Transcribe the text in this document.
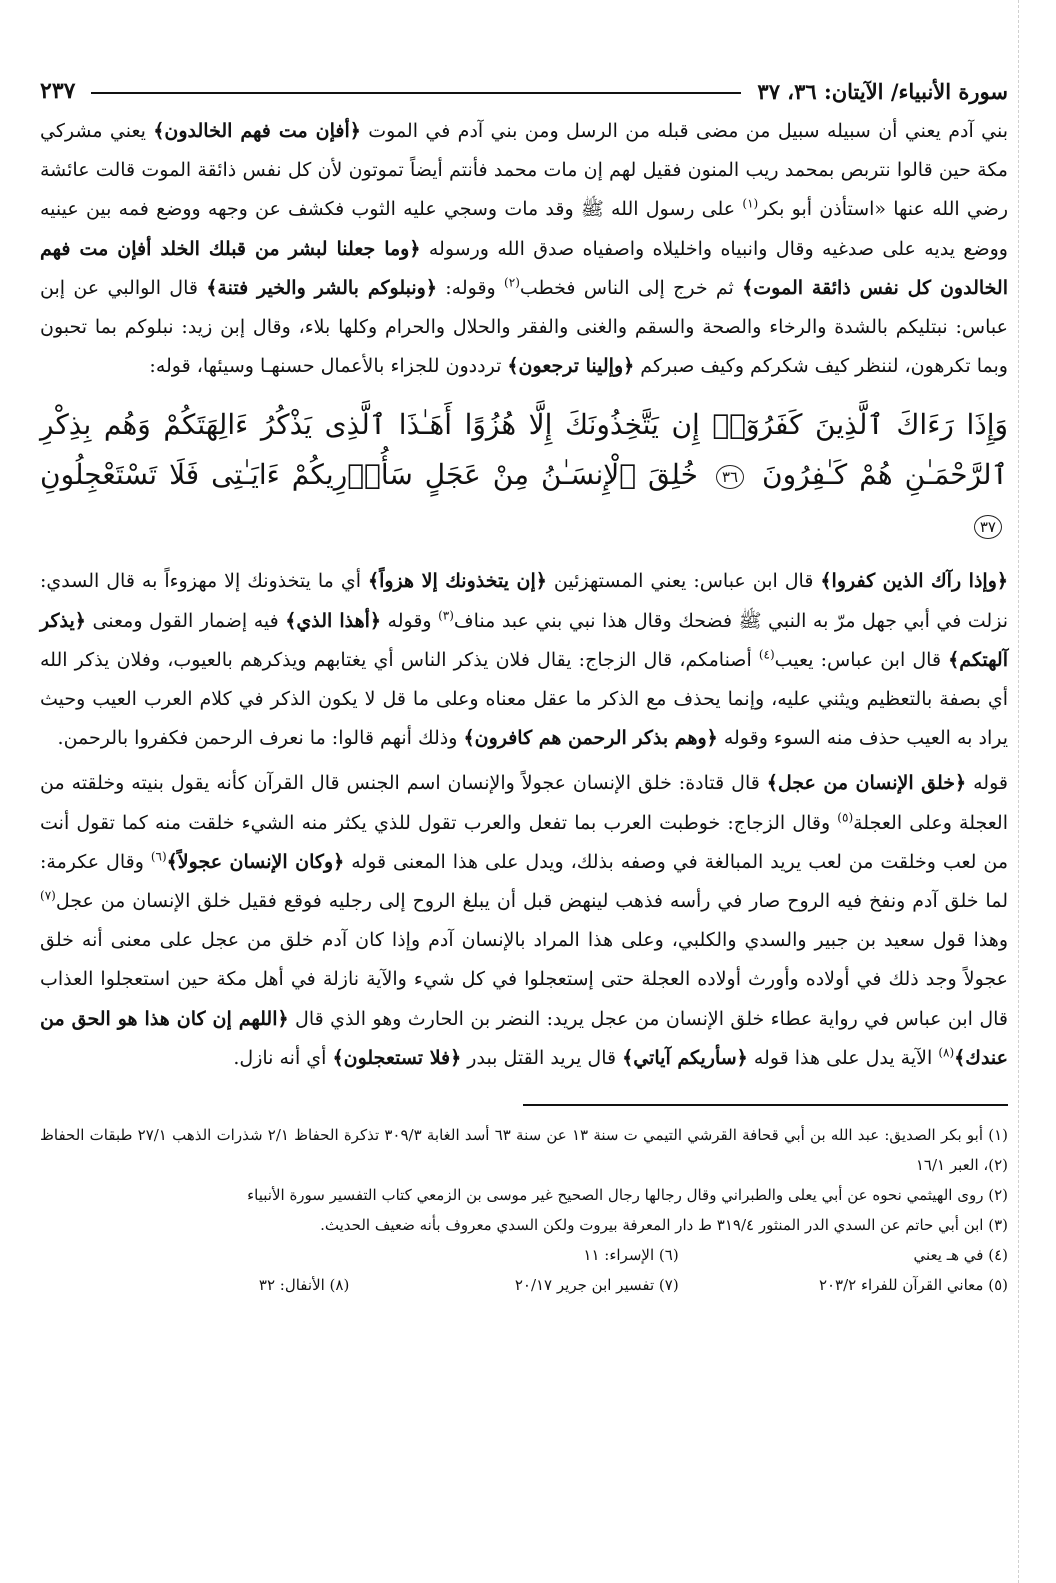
سورة الأنبياء/ الآيتان: ٣٦، ٣٧
٢٣٧

بني آدم يعني أن سبيله سبيل من مضى قبله من الرسل ومن بني آدم في الموت ﴿أفإن مت فهم الخالدون﴾ يعني مشركي مكة حين قالوا نتربص بمحمد ريب المنون فقيل لهم إن مات محمد فأنتم أيضاً تموتون لأن كل نفس ذائقة الموت قالت عائشة رضي الله عنها «استأذن أبو بكر$^{(١)}$ على رسول الله ﷺ وقد مات وسجي عليه الثوب فكشف عن وجهه ووضع فمه بين عينيه ووضع يديه على صدغيه وقال وانبياه واخليلاه واصفياه صدق الله ورسوله ﴿وما جعلنا لبشر من قبلك الخلد أفإن مت فهم الخالدون كل نفس ذائقة الموت﴾ ثم خرج إلى الناس فخطب$^{(٢)}$ وقوله: ﴿ونبلوكم بالشر والخير فتنة﴾ قال الوالبي عن إبن عباس: نبتليكم بالشدة والرخاء والصحة والسقم والغنى والفقر والحلال والحرام وكلها بلاء، وقال إبن زيد: نبلوكم بما تحبون وبما تكرهون، لننظر كيف شكركم وكيف صبركم ﴿وإلينا ترجعون﴾ ترددون للجزاء بالأعمال حسنهـا وسيئها، قوله:

وَإِذَا رَءَاكَ ٱلَّذِينَ كَفَرُوٓا۟ إِن يَتَّخِذُونَكَ إِلَّا هُزُوًا أَهَـٰذَا ٱلَّذِى يَذْكُرُ ءَالِهَتَكُمْ وَهُم بِذِكْرِ ٱلرَّحْمَـٰنِ هُمْ كَـٰفِرُونَ ٣٦ خُلِقَ ٱلْإِنسَـٰنُ مِنْ عَجَلٍ سَأُو۟رِيكُمْ ءَايَـٰتِى فَلَا تَسْتَعْجِلُونِ ٣٧

﴿وإذا رآك الذين كفروا﴾ قال ابن عباس: يعني المستهزئين ﴿إن يتخذونك إلا هزواً﴾ أي ما يتخذونك إلا مهزوءاً به قال السدي: نزلت في أبي جهل مرّ به النبي ﷺ فضحك وقال هذا نبي بني عبد مناف$^{(٣)}$ وقوله ﴿أهذا الذي﴾ فيه إضمار القول ومعنى ﴿يذكر آلهتكم﴾ قال ابن عباس: يعيب$^{(٤)}$ أصنامكم، قال الزجاج: يقال فلان يذكر الناس أي يغتابهم ويذكرهم بالعيوب، وفلان يذكر الله أي بصفة بالتعظيم ويثني عليه، وإنما يحذف مع الذكر ما عقل معناه وعلى ما قل لا يكون الذكر في كلام العرب العيب وحيث يراد به العيب حذف منه السوء وقوله ﴿وهم بذكر الرحمن هم كافرون﴾ وذلك أنهم قالوا: ما نعرف الرحمن فكفروا بالرحمن.

قوله ﴿خلق الإنسان من عجل﴾ قال قتادة: خلق الإنسان عجولاً والإنسان اسم الجنس قال القرآن كأنه يقول بنيته وخلقته من العجلة وعلى العجلة$^{(٥)}$ وقال الزجاج: خوطبت العرب بما تفعل والعرب تقول للذي يكثر منه الشيء خلقت منه كما تقول أنت من لعب وخلقت من لعب يريد المبالغة في وصفه بذلك، ويدل على هذا المعنى قوله ﴿وكان الإنسان عجولاً﴾$^{(٦)}$ وقال عكرمة: لما خلق آدم ونفخ فيه الروح صار في رأسه فذهب لينهض قبل أن يبلغ الروح إلى رجليه فوقع فقيل خلق الإنسان من عجل$^{(٧)}$ وهذا قول سعيد بن جبير والسدي والكلبي، وعلى هذا المراد بالإنسان آدم وإذا كان آدم خلق من عجل على معنى أنه خلق عجولاً وجد ذلك في أولاده وأورث أولاده العجلة حتى إستعجلوا في كل شيء والآية نازلة في أهل مكة حين استعجلوا العذاب قال ابن عباس في رواية عطاء خلق الإنسان من عجل يريد: النضر بن الحارث وهو الذي قال ﴿اللهم إن كان هذا هو الحق من عندك﴾$^{(٨)}$ الآية يدل على هذا قوله ﴿سأريكم آياتي﴾ قال يريد القتل ببدر ﴿فلا تستعجلون﴾ أي أنه نازل.

(١) أبو بكر الصديق: عبد الله بن أبي قحافة القرشي التيمي ت سنة ١٣ عن سنة ٦٣ أسد الغابة ٣٠٩/٣ تذكرة الحفاظ ٢/١ شذرات الذهب ٢٧/١ طبقات الحفاظ (٢)، العبر ١٦/١

(٢) روى الهيثمي نحوه عن أبي يعلى والطبراني وقال رجالها رجال الصحيح غير موسى بن الزمعي كتاب التفسير سورة الأنبياء

(٣) ابن أبي حاتم عن السدي الدر المنثور ٣١٩/٤ ط دار المعرفة بيروت ولكن السدي معروف بأنه ضعيف الحديث.

(٤) في هـ يعني
(٦) الإسراء: ١١
(٥) معاني القرآن للفراء ٢٠٣/٢
(٧) تفسير ابن جرير ٢٠/١٧
(٨) الأنفال: ٣٢
